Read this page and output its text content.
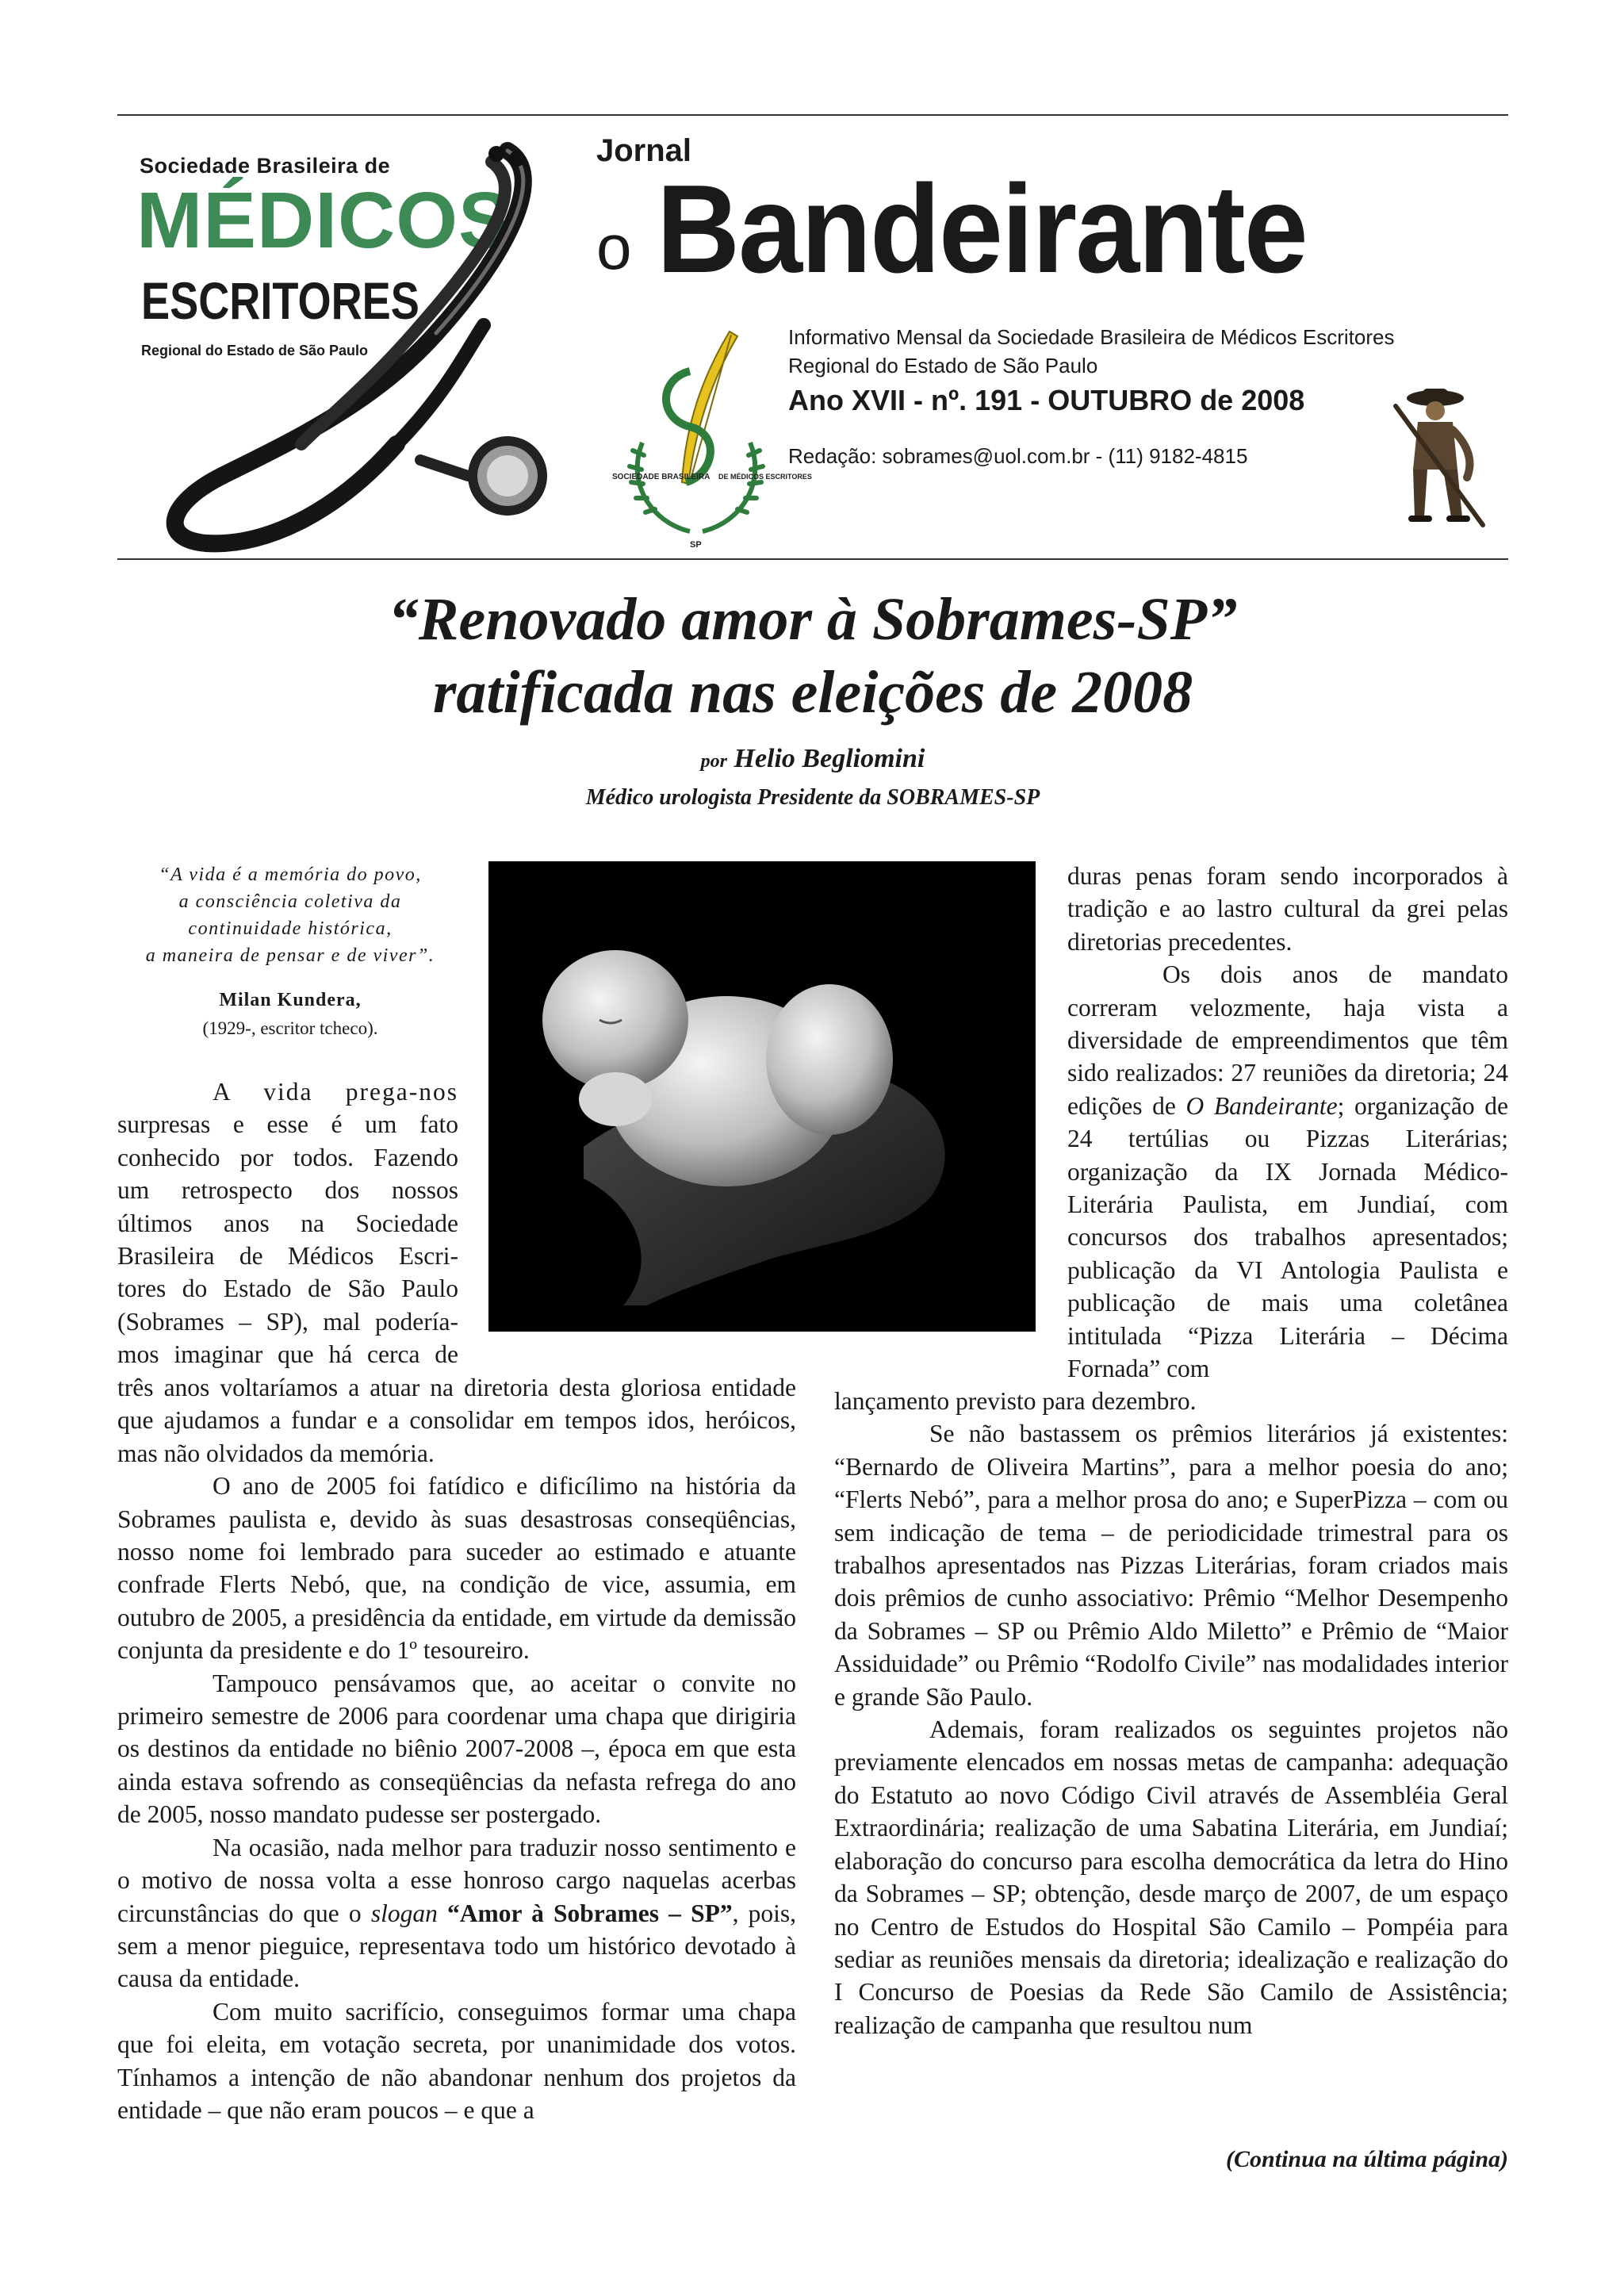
Sociedade Brasileira de
MÉDICOS
ESCRITORES
Regional do Estado de São Paulo
Jornal
o Bandeirante
SOCIEDADE BRASILEIRA DE MÉDICOS ESCRITORES
SP
Informativo Mensal da Sociedade Brasileira de Médicos Escritores
Regional do Estado de São Paulo
Ano XVII - nº. 191 - OUTUBRO de 2008
Redação: sobrames@uol.com.br - (11) 9182-4815
“Renovado amor à Sobrames-SP”
ratificada nas eleições de 2008
por Helio Begliomini
Médico urologista Presidente da SOBRAMES-SP
“A vida é a memória do povo,
a consciência coletiva da
continuidade histórica,
a maneira de pensar e de viver”.
Milan Kundera,
(1929-, escritor tcheco).

A vida prega-nos

surpresas e esse é um fato

conhecido por todos. Fazendo

um retrospecto dos nossos

últimos anos na Sociedade

Brasileira de Médicos Escri-

tores do Estado de São Paulo

(Sobrames – SP), mal podería-

mos imaginar que há cerca de

três anos voltaríamos a atuar na diretoria desta gloriosa entidade que ajudamos a fundar e a consolidar em tempos idos, heróicos, mas não olvidados da memória.

O ano de 2005 foi fatídico e dificílimo na história da Sobrames paulista e, devido às suas desastrosas conseqüências, nosso nome foi lembrado para suceder ao estimado e atuante confrade Flerts Nebó, que, na condição de vice, assumia, em outubro de 2005, a presidência da entidade, em virtude da demissão conjunta da presidente e do 1º tesoureiro.

Tampouco pensávamos que, ao aceitar o convite no primeiro semestre de 2006 para coordenar uma chapa que dirigiria os destinos da entidade no biênio 2007-2008 –, época em que esta ainda estava sofrendo as conseqüências da nefasta refrega do ano de 2005, nosso mandato pudesse ser postergado.

Na ocasião, nada melhor para traduzir nosso sentimento e o motivo de nossa volta a esse honroso cargo naquelas acerbas circunstâncias do que o slogan “Amor à Sobrames – SP”, pois, sem a menor pieguice, representava todo um histórico devotado à causa da entidade.

Com muito sacrifício, conseguimos formar uma chapa que foi eleita, em votação secreta, por unanimidade dos votos. Tínhamos a intenção de não abandonar nenhum dos projetos da entidade – que não eram poucos – e que a

duras penas foram sendo incorporados à tradição e ao lastro cultural da grei pelas diretorias precedentes.

Os dois anos de mandato correram velozmente, haja vista a diversidade de empreendimentos que têm sido realizados: 27 reuniões da diretoria; 24 edições de O Bandeirante; organização de 24 tertúlias ou Pizzas Literárias; organização da IX Jornada Médico-Literária Paulista, em Jundiaí, com concursos dos trabalhos apresentados; publicação da VI Antologia Paulista e publicação de mais uma coletânea intitulada “Pizza Literária – Décima Fornada” com

lançamento previsto para dezembro.

Se não bastassem os prêmios literários já existentes: “Bernardo de Oliveira Martins”, para a melhor poesia do ano; “Flerts Nebó”, para a melhor prosa do ano; e SuperPizza – com ou sem indicação de tema – de periodicidade trimestral para os trabalhos apresentados nas Pizzas Literárias, foram criados mais dois prêmios de cunho associativo: Prêmio “Melhor Desempenho da Sobrames – SP ou Prêmio Aldo Miletto” e Prêmio de “Maior Assiduidade” ou Prêmio “Rodolfo Civile” nas modalidades interior e grande São Paulo.

Ademais, foram realizados os seguintes projetos não previamente elencados em nossas metas de campanha: adequação do Estatuto ao novo Código Civil através de Assembléia Geral Extraordinária; realização de uma Sabatina Literária, em Jundiaí; elaboração do concurso para escolha democrática da letra do Hino da Sobrames – SP; obtenção, desde março de 2007, de um espaço no Centro de Estudos do Hospital São Camilo – Pompéia para sediar as reuniões mensais da diretoria; idealização e realização do I Concurso de Poesias da Rede São Camilo de Assistência; realização de campanha que resultou num

(Continua na última página)
